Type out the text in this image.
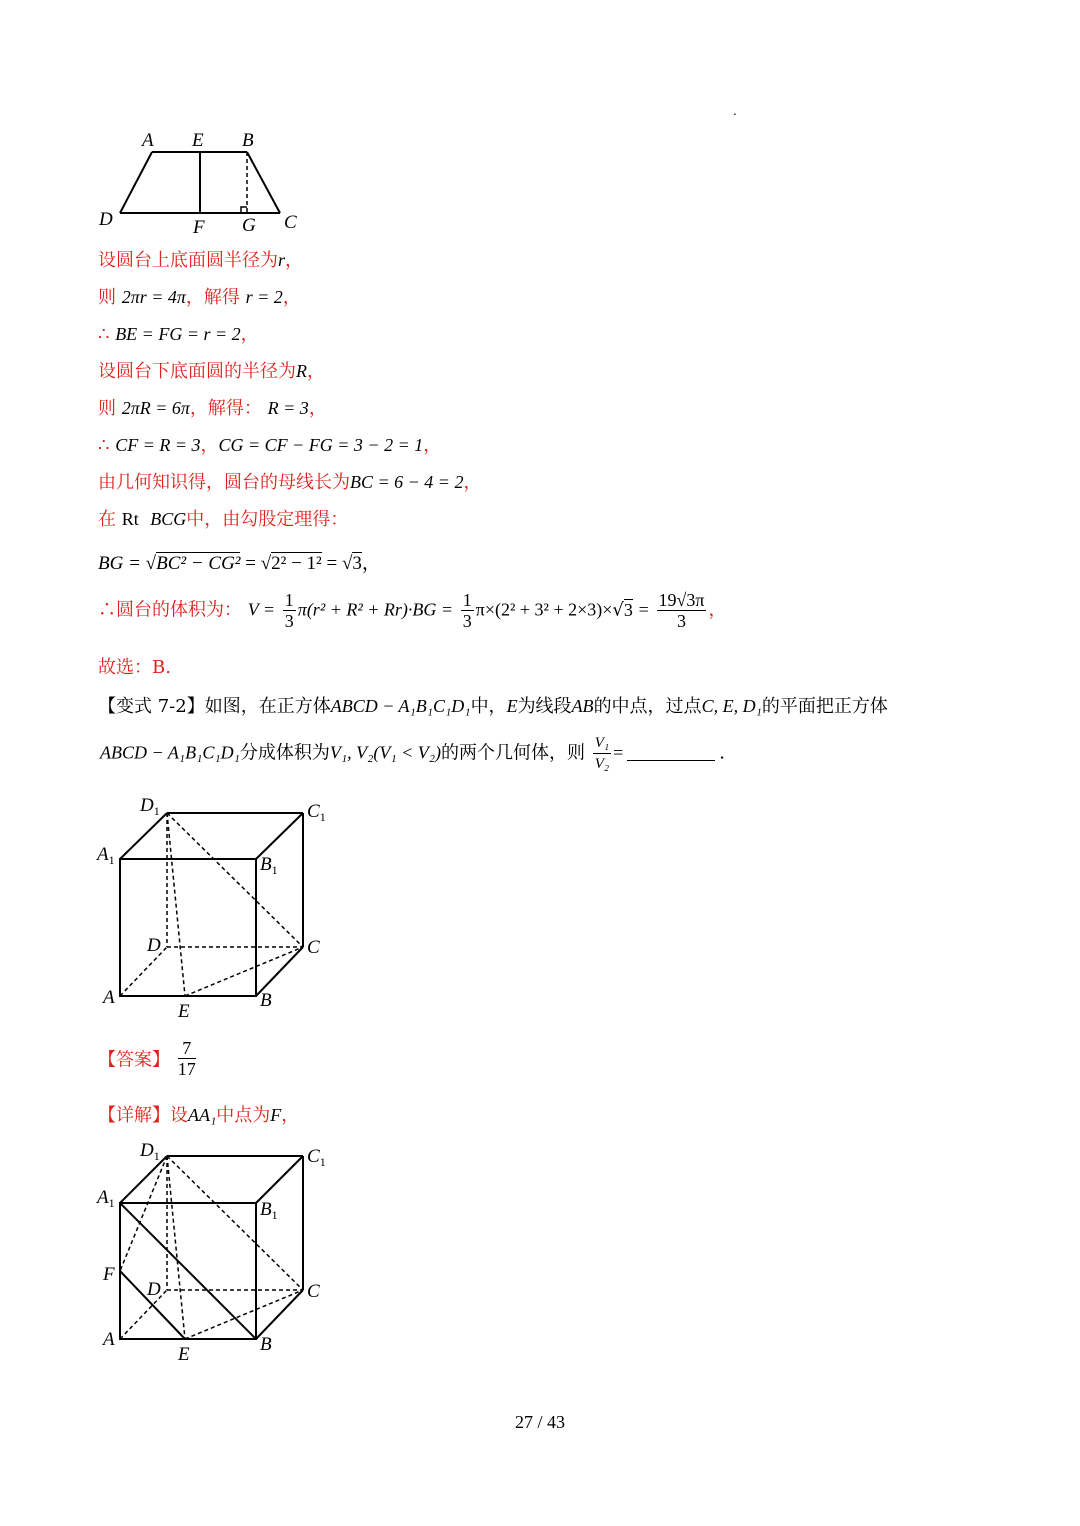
.
A E B
D	F G C
设圆台上底面圆半径为r，
则 2πr = 4π，解得 r = 2，
∴ BE = FG = r = 2，
设圆台下底面圆的半径为R，
则 2πR = 6π，解得： R = 3，
∴ CF = R = 3，CG = CF − FG = 3 − 2 = 1，
由几何知识得，圆台的母线长为BC = 6 − 4 = 2，
在 Rt BCG中，由勾股定理得：
BG = √BC² − CG² = √2² − 1² = √3，
∴圆台的体积为： $V = \frac{1}{3} \pi(r^2 + R^2 + Rr)\cdot BG = \frac{1}{3} \pi\times(2^2 + 3^2 + 2\times 3)\times√3 = \frac{19√3\pi}{3}$ ，
故选：B.
【变式 7-2】如图，在正方体ABCD − A₁B₁C₁D₁中，E为线段AB的中点，过点C, E, D₁的平面把正方体
ABCD − A₁B₁C₁D₁分成体积为V₁, V₂(V₁ < V₂)的两个几何体，则 $\frac{\text{V₁}}{\text{V₂}}$ =	.
$D_1$	$C_1$
$A_1$	$B_1$
D	C
A
E
B
【答案】 $\frac{7}{17}$
【详解】设AA₁中点为F，
$D_1$	$C_1$
$A_1$	$B_1$
F
D	C
A
E	B
27 / 43
